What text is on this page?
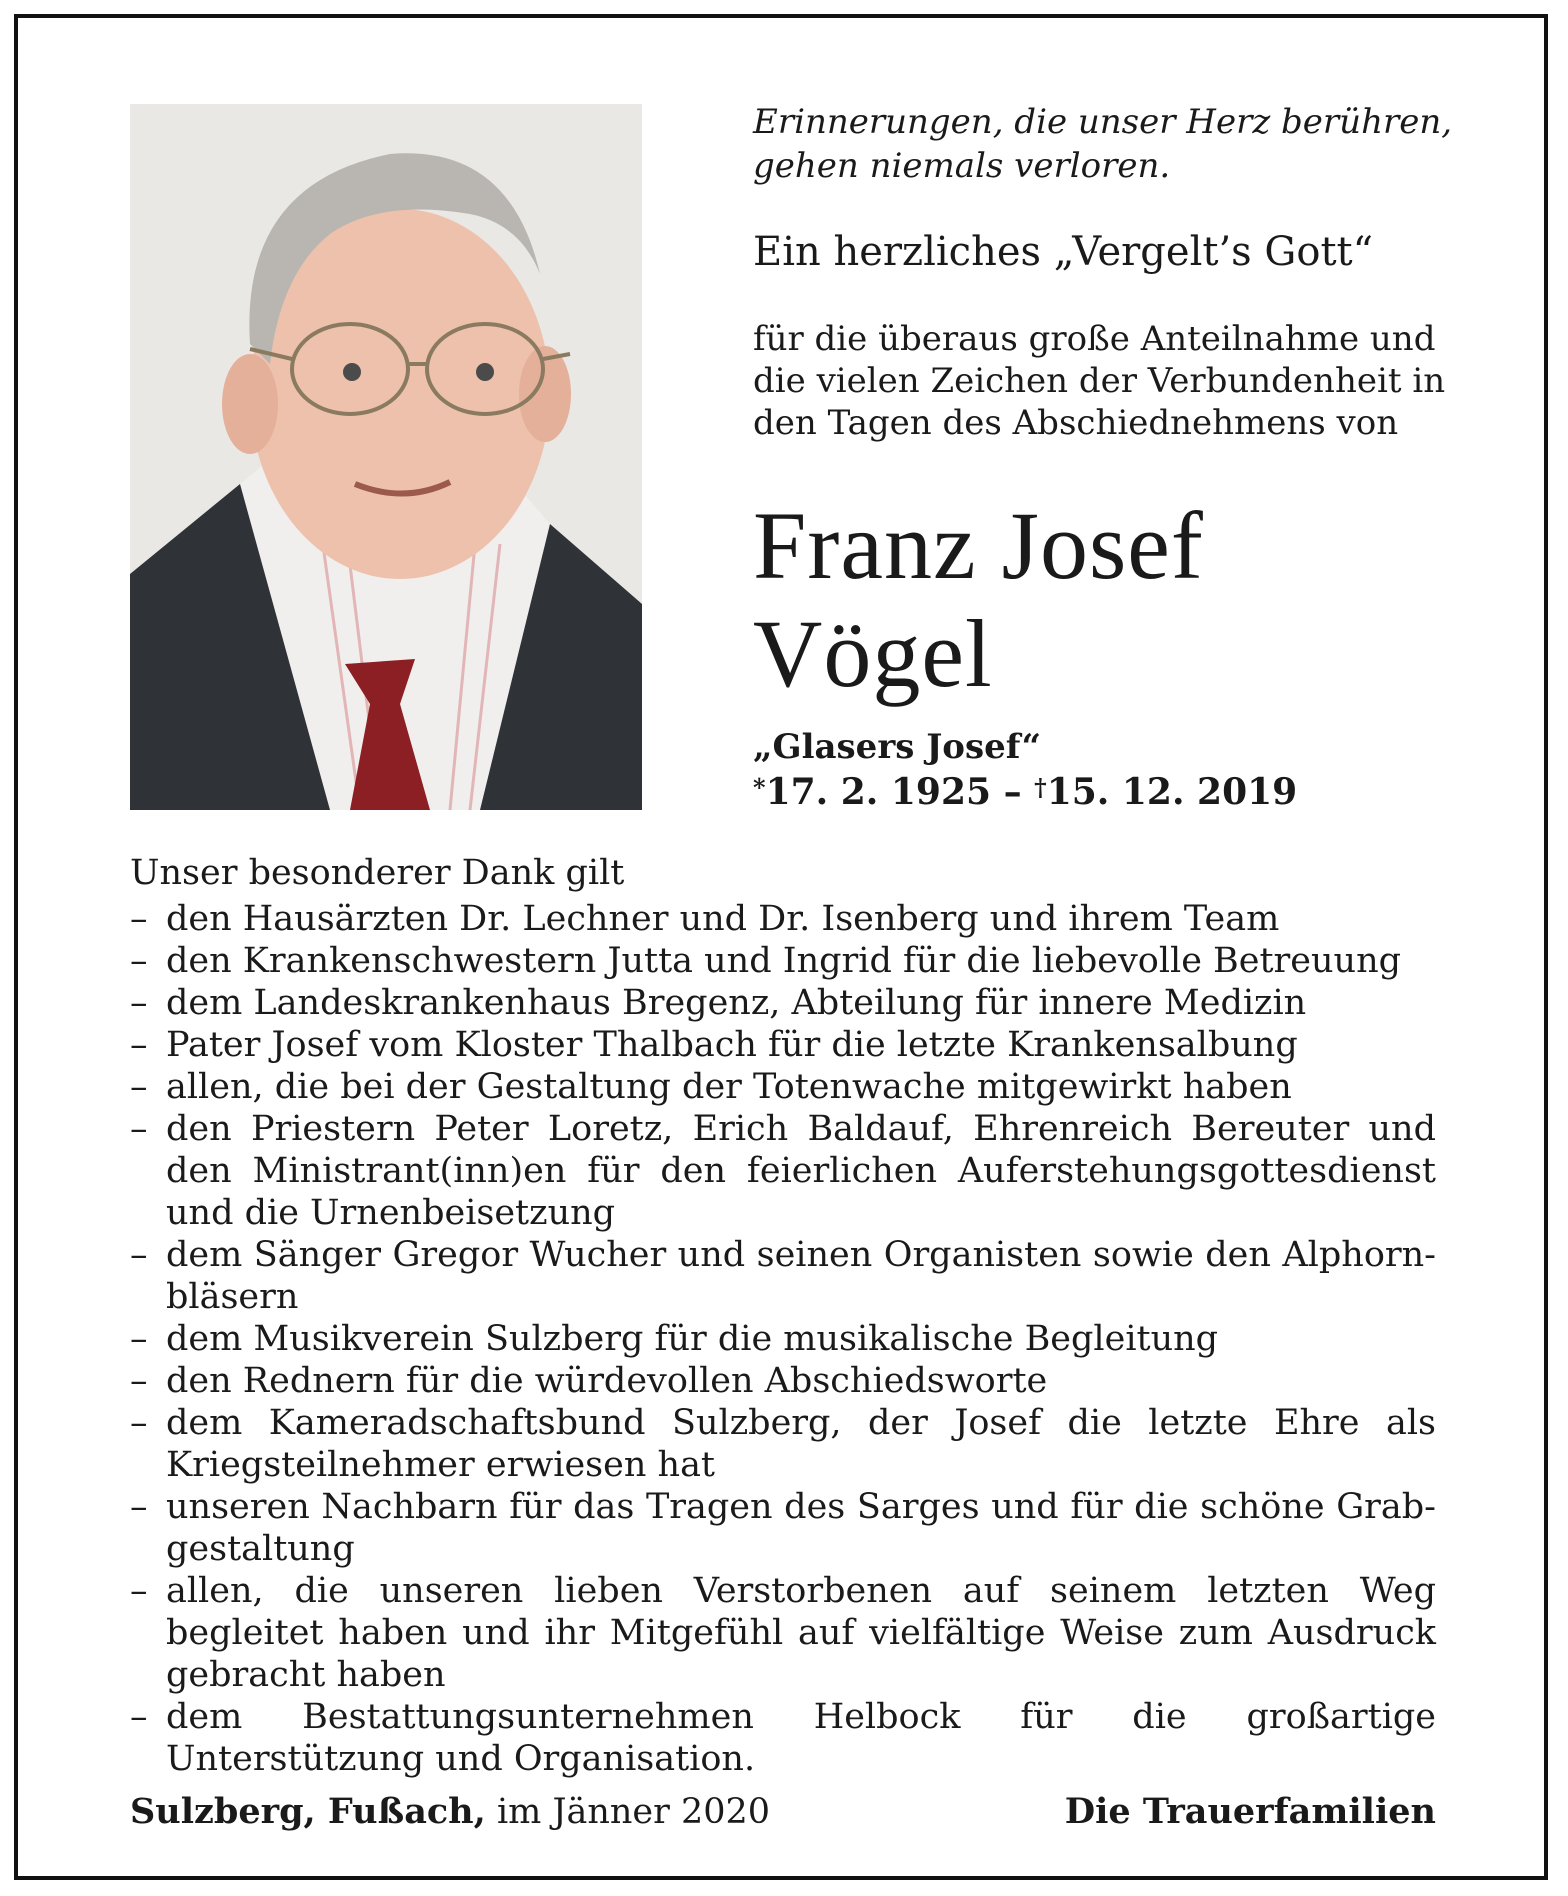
Erinnerungen, die unser Herz berühren,
gehen niemals verloren.
Ein herzliches „Vergelt’s Gott“
für die überaus große Anteilnahme und
die vielen Zeichen der Verbundenheit in
den Tagen des Abschiednehmens von
Franz Josef
Vögel
„Glasers Josef“
*17. 2. 1925 – †15. 12. 2019
Unser besonderer Dank gilt
– den Hausärzten Dr. Lechner und Dr. Isenberg und ihrem Team
– den Krankenschwestern Jutta und Ingrid für die liebevolle Betreuung
– dem Landeskrankenhaus Bregenz, Abteilung für innere Medizin
– Pater Josef vom Kloster Thalbach für die letzte Krankensalbung
– allen, die bei der Gestaltung der Totenwache mitgewirkt haben
– den Priestern Peter Loretz, Erich Baldauf, Ehrenreich Bereuter und den Ministrant(inn)en für den feierlichen Auferstehungsgottesdienst und die Urnenbeisetzung
– dem Sänger Gregor Wucher und seinen Organisten sowie den Alphornbläsern
– dem Musikverein Sulzberg für die musikalische Begleitung
– den Rednern für die würdevollen Abschiedsworte
– dem Kameradschaftsbund Sulzberg, der Josef die letzte Ehre als Kriegsteilnehmer erwiesen hat
– unseren Nachbarn für das Tragen des Sarges und für die schöne Grabgestaltung
– allen, die unseren lieben Verstorbenen auf seinem letzten Weg begleitet haben und ihr Mitgefühl auf vielfältige Weise zum Ausdruck gebracht haben
– dem Bestattungsunternehmen Helbock für die großartige Unterstützung und Organisation.
Sulzberg, Fußach, im Jänner 2020	Die Trauerfamilien
